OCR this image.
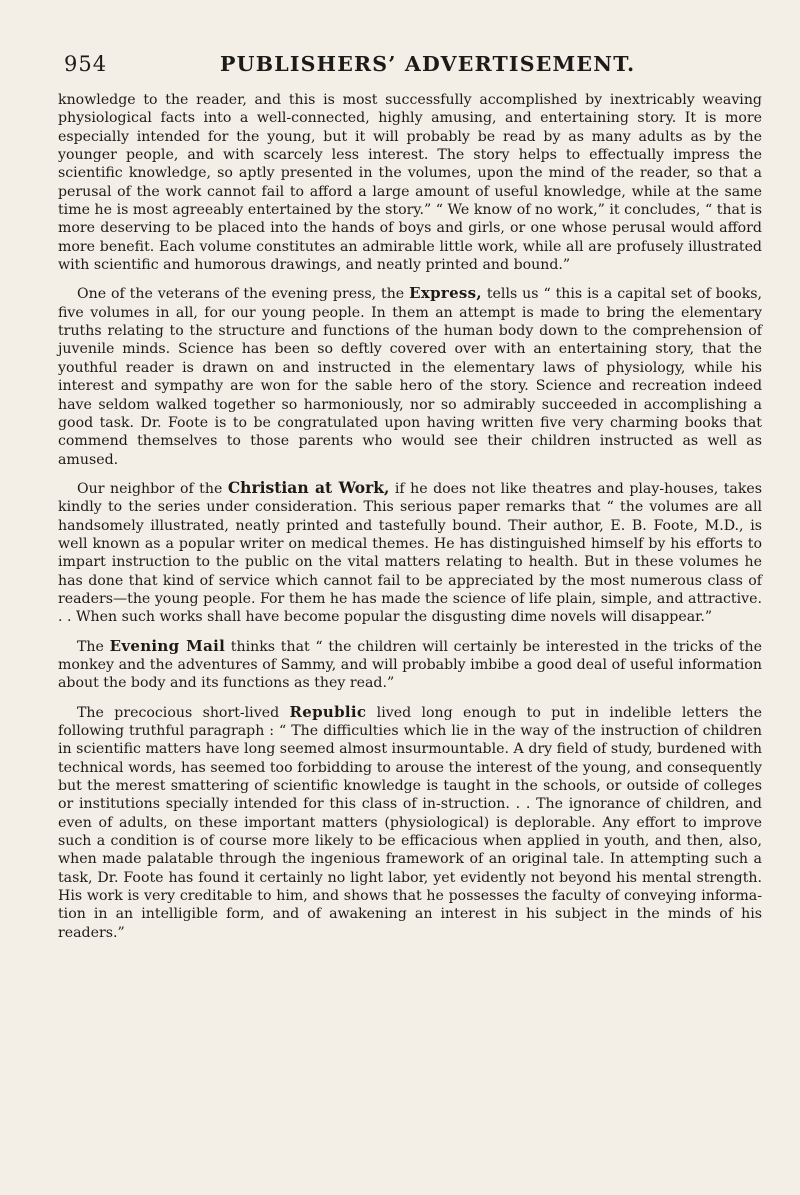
954	PUBLISHERS’ ADVERTISEMENT.

knowledge to the reader, and this is most successfully accomplished by inextricably weaving physiological facts into a well-connected, highly amusing, and entertaining story. It is more especially intended for the young, but it will probably be read by as many adults as by the younger people, and with scarcely less interest. The story helps to effectually impress the scientific knowledge, so aptly presented in the volumes, upon the mind of the reader, so that a perusal of the work cannot fail to afford a large amount of useful knowledge, while at the same time he is most agreeably entertained by the story.” “ We know of no work,” it concludes, “ that is more deserving to be placed into the hands of boys and girls, or one whose perusal would afford more benefit. Each volume constitutes an admirable little work, while all are profusely illustrated with scientific and humorous drawings, and neatly printed and bound.”

One of the veterans of the evening press, the Express, tells us “ this is a capital set of books, five volumes in all, for our young people. In them an attempt is made to bring the elementary truths relating to the structure and functions of the human body down to the comprehension of juvenile minds. Science has been so deftly covered over with an entertaining story, that the youthful reader is drawn on and instructed in the elementary laws of physiology, while his interest and sympathy are won for the sable hero of the story. Science and recreation indeed have seldom walked together so harmoniously, nor so admirably succeeded in accomplishing a good task. Dr. Foote is to be congratulated upon having written five very charming books that commend themselves to those parents who would see their children instructed as well as amused.

Our neighbor of the Christian at Work, if he does not like theatres and play-houses, takes kindly to the series under consideration. This serious paper remarks that “ the volumes are all handsomely illustrated, neatly printed and tastefully bound. Their author, E. B. Foote, M.D., is well known as a popular writer on medical themes. He has distinguished himself by his efforts to impart instruction to the public on the vital matters relating to health. But in these volumes he has done that kind of service which cannot fail to be appreciated by the most numerous class of readers—the young people. For them he has made the science of life plain, simple, and attractive. . . When such works shall have become popular the disgusting dime novels will disappear.”

The Evening Mail thinks that “ the children will certainly be interested in the tricks of the monkey and the adventures of Sammy, and will probably imbibe a good deal of useful information about the body and its functions as they read.”

The precocious short-lived Republic lived long enough to put in indelible letters the following truthful paragraph : “ The difficulties which lie in the way of the instruction of children in scientific matters have long seemed almost insurmountable. A dry field of study, burdened with technical words, has seemed too forbidding to arouse the interest of the young, and consequently but the merest smattering of scientific knowledge is taught in the schools, or outside of colleges or institutions specially intended for this class of in-struction. . . The ignorance of children, and even of adults, on these important matters (physiological) is deplorable. Any effort to improve such a condition is of course more likely to be efficacious when applied in youth, and then, also, when made palatable through the ingenious framework of an original tale. In attempting such a task, Dr. Foote has found it certainly no light labor, yet evidently not beyond his mental strength. His work is very creditable to him, and shows that he possesses the faculty of conveying informa-tion in an intelligible form, and of awakening an interest in his subject in the minds of his readers.”
